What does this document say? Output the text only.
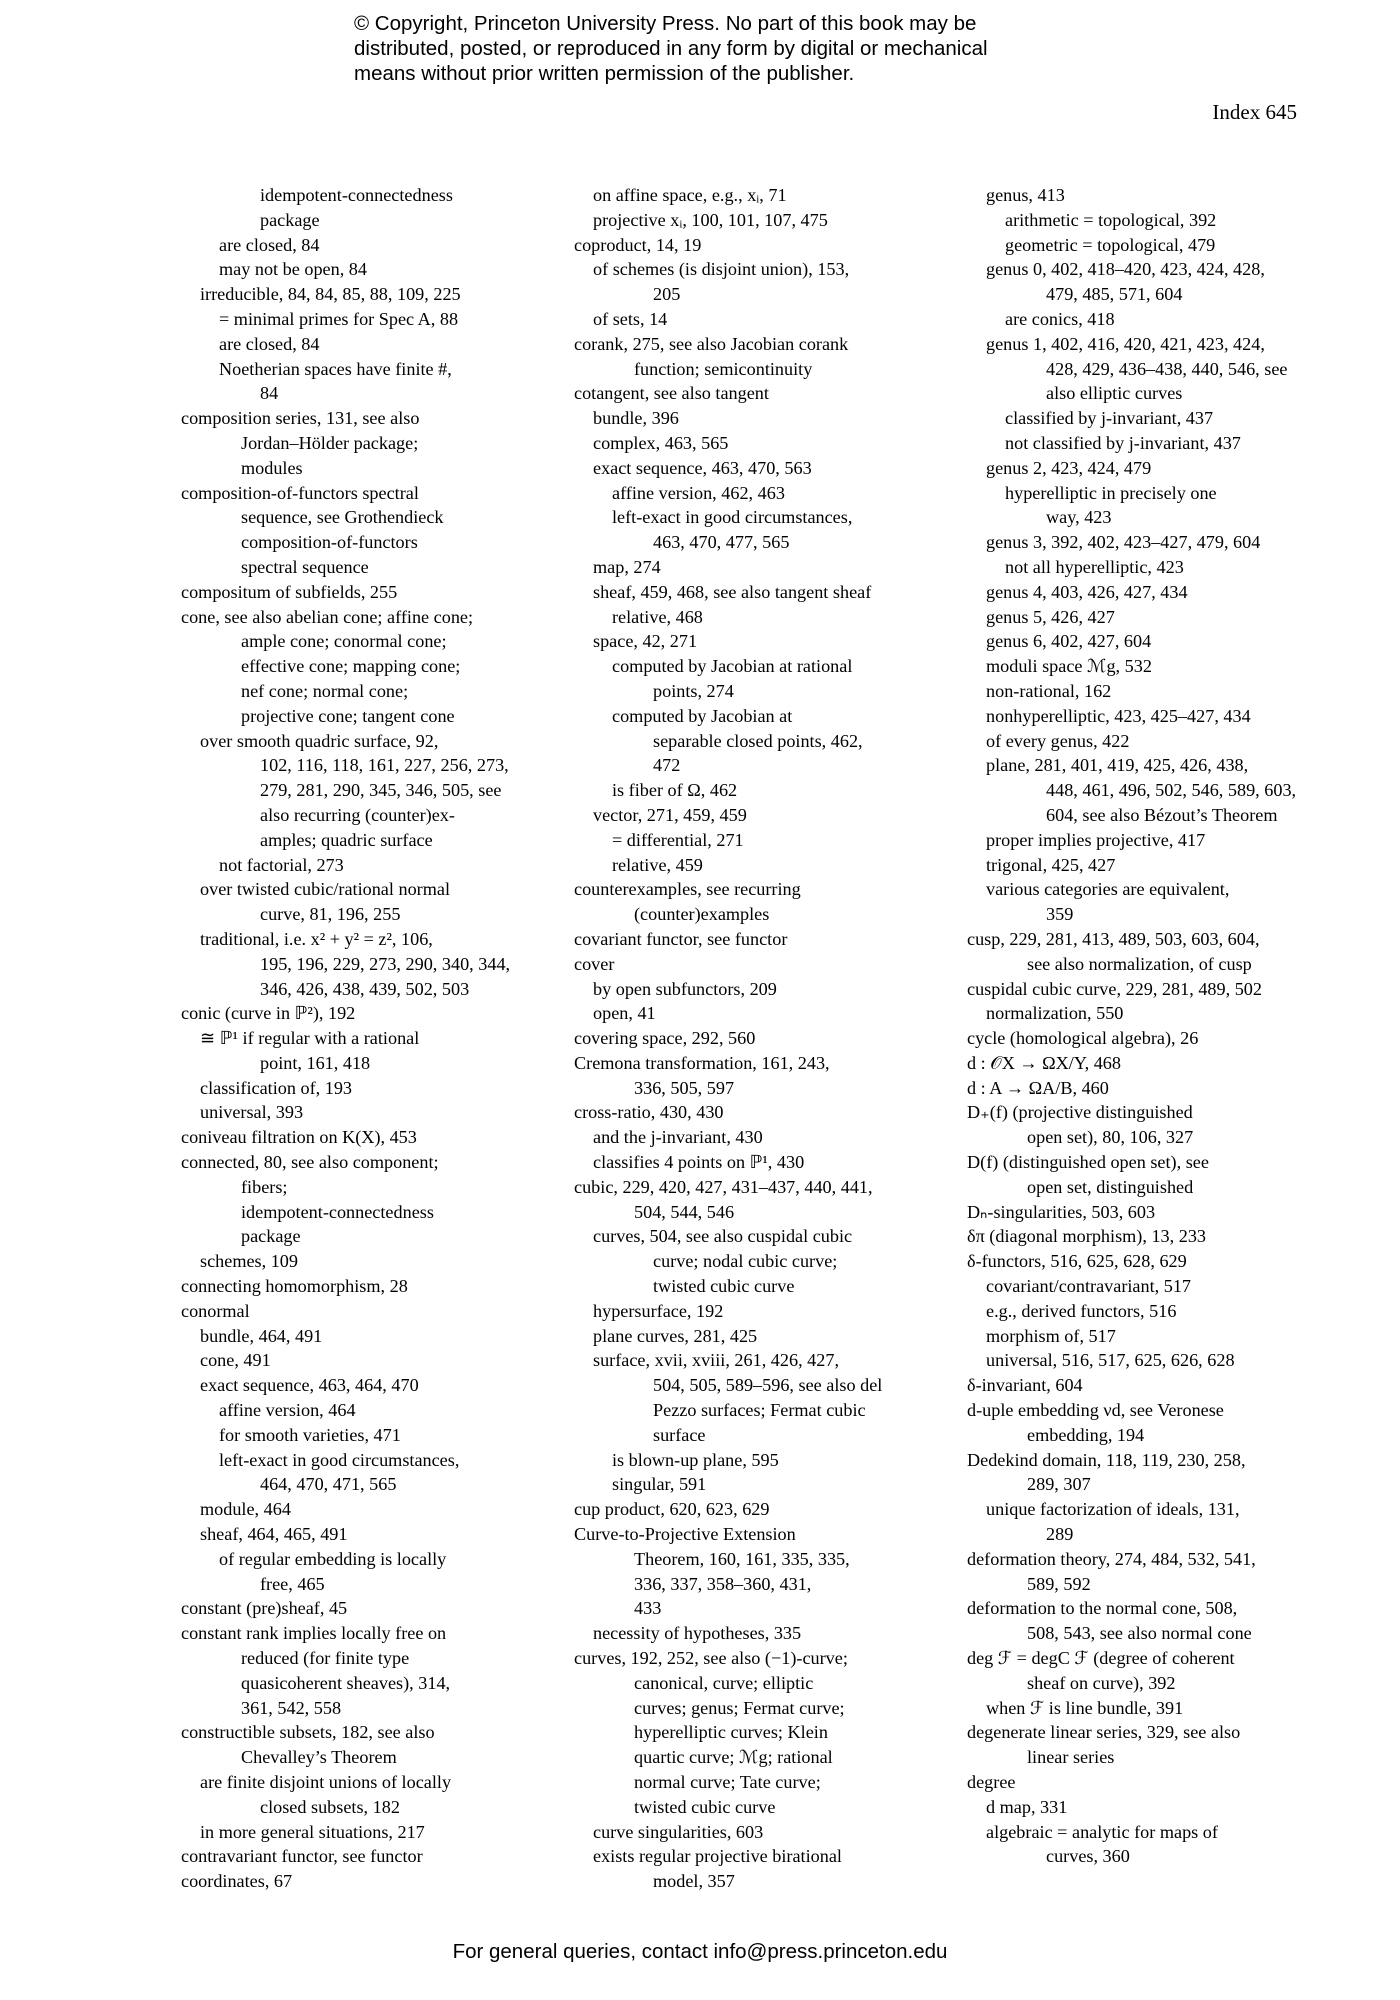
© Copyright, Princeton University Press. No part of this book may be
distributed, posted, or reproduced in any form by digital or mechanical
means without prior written permission of the publisher.
Index 645
idempotent-connectedness
package
are closed, 84
may not be open, 84
irreducible, 84, 84, 85, 88, 109, 225
= minimal primes for Spec A, 88
are closed, 84
Noetherian spaces have finite #,
84
composition series, 131, see also
Jordan–Hölder package;
modules
composition-of-functors spectral
sequence, see Grothendieck
composition-of-functors
spectral sequence
compositum of subfields, 255
cone, see also abelian cone; affine cone;
ample cone; conormal cone;
effective cone; mapping cone;
nef cone; normal cone;
projective cone; tangent cone
over smooth quadric surface, 92,
102, 116, 118, 161, 227, 256, 273,
279, 281, 290, 345, 346, 505, see
also recurring (counter)ex-
amples; quadric surface
not factorial, 273
over twisted cubic/rational normal
curve, 81, 196, 255
traditional, i.e. x² + y² = z², 106,
195, 196, 229, 273, 290, 340, 344,
346, 426, 438, 439, 502, 503
conic (curve in ℙ²), 192
≅ ℙ¹ if regular with a rational
point, 161, 418
classification of, 193
universal, 393
coniveau filtration on K(X), 453
connected, 80, see also component;
fibers;
idempotent-connectedness
package
schemes, 109
connecting homomorphism, 28
conormal
bundle, 464, 491
cone, 491
exact sequence, 463, 464, 470
affine version, 464
for smooth varieties, 471
left-exact in good circumstances,
464, 470, 471, 565
module, 464
sheaf, 464, 465, 491
of regular embedding is locally
free, 465
constant (pre)sheaf, 45
constant rank implies locally free on
reduced (for finite type
quasicoherent sheaves), 314,
361, 542, 558
constructible subsets, 182, see also
Chevalley’s Theorem
are finite disjoint unions of locally
closed subsets, 182
in more general situations, 217
contravariant functor, see functor
coordinates, 67
on affine space, e.g., xᵢ, 71
projective xᵢ, 100, 101, 107, 475
coproduct, 14, 19
of schemes (is disjoint union), 153,
205
of sets, 14
corank, 275, see also Jacobian corank
function; semicontinuity
cotangent, see also tangent
bundle, 396
complex, 463, 565
exact sequence, 463, 470, 563
affine version, 462, 463
left-exact in good circumstances,
463, 470, 477, 565
map, 274
sheaf, 459, 468, see also tangent sheaf
relative, 468
space, 42, 271
computed by Jacobian at rational
points, 274
computed by Jacobian at
separable closed points, 462,
472
is fiber of Ω, 462
vector, 271, 459, 459
= differential, 271
relative, 459
counterexamples, see recurring
(counter)examples
covariant functor, see functor
cover
by open subfunctors, 209
open, 41
covering space, 292, 560
Cremona transformation, 161, 243,
336, 505, 597
cross-ratio, 430, 430
and the j-invariant, 430
classifies 4 points on ℙ¹, 430
cubic, 229, 420, 427, 431–437, 440, 441,
504, 544, 546
curves, 504, see also cuspidal cubic
curve; nodal cubic curve;
twisted cubic curve
hypersurface, 192
plane curves, 281, 425
surface, xvii, xviii, 261, 426, 427,
504, 505, 589–596, see also del
Pezzo surfaces; Fermat cubic
surface
is blown-up plane, 595
singular, 591
cup product, 620, 623, 629
Curve-to-Projective Extension
Theorem, 160, 161, 335, 335,
336, 337, 358–360, 431,
433
necessity of hypotheses, 335
curves, 192, 252, see also (−1)-curve;
canonical, curve; elliptic
curves; genus; Fermat curve;
hyperelliptic curves; Klein
quartic curve; ℳg; rational
normal curve; Tate curve;
twisted cubic curve
curve singularities, 603
exists regular projective birational
model, 357
genus, 413
arithmetic = topological, 392
geometric = topological, 479
genus 0, 402, 418–420, 423, 424, 428,
479, 485, 571, 604
are conics, 418
genus 1, 402, 416, 420, 421, 423, 424,
428, 429, 436–438, 440, 546, see
also elliptic curves
classified by j-invariant, 437
not classified by j-invariant, 437
genus 2, 423, 424, 479
hyperelliptic in precisely one
way, 423
genus 3, 392, 402, 423–427, 479, 604
not all hyperelliptic, 423
genus 4, 403, 426, 427, 434
genus 5, 426, 427
genus 6, 402, 427, 604
moduli space ℳg, 532
non-rational, 162
nonhyperelliptic, 423, 425–427, 434
of every genus, 422
plane, 281, 401, 419, 425, 426, 438,
448, 461, 496, 502, 546, 589, 603,
604, see also Bézout’s Theorem
proper implies projective, 417
trigonal, 425, 427
various categories are equivalent,
359
cusp, 229, 281, 413, 489, 503, 603, 604,
see also normalization, of cusp
cuspidal cubic curve, 229, 281, 489, 502
normalization, 550
cycle (homological algebra), 26
d : 𝒪X → ΩX/Y, 468
d : A → ΩA/B, 460
D₊(f) (projective distinguished
open set), 80, 106, 327
D(f) (distinguished open set), see
open set, distinguished
Dₙ-singularities, 503, 603
δπ (diagonal morphism), 13, 233
δ-functors, 516, 625, 628, 629
covariant/contravariant, 517
e.g., derived functors, 516
morphism of, 517
universal, 516, 517, 625, 626, 628
δ-invariant, 604
d-uple embedding νd, see Veronese
embedding, 194
Dedekind domain, 118, 119, 230, 258,
289, 307
unique factorization of ideals, 131,
289
deformation theory, 274, 484, 532, 541,
589, 592
deformation to the normal cone, 508,
508, 543, see also normal cone
deg ℱ = degC ℱ (degree of coherent
sheaf on curve), 392
when ℱ is line bundle, 391
degenerate linear series, 329, see also
linear series
degree
d map, 331
algebraic = analytic for maps of
curves, 360
For general queries, contact info@press.princeton.edu
